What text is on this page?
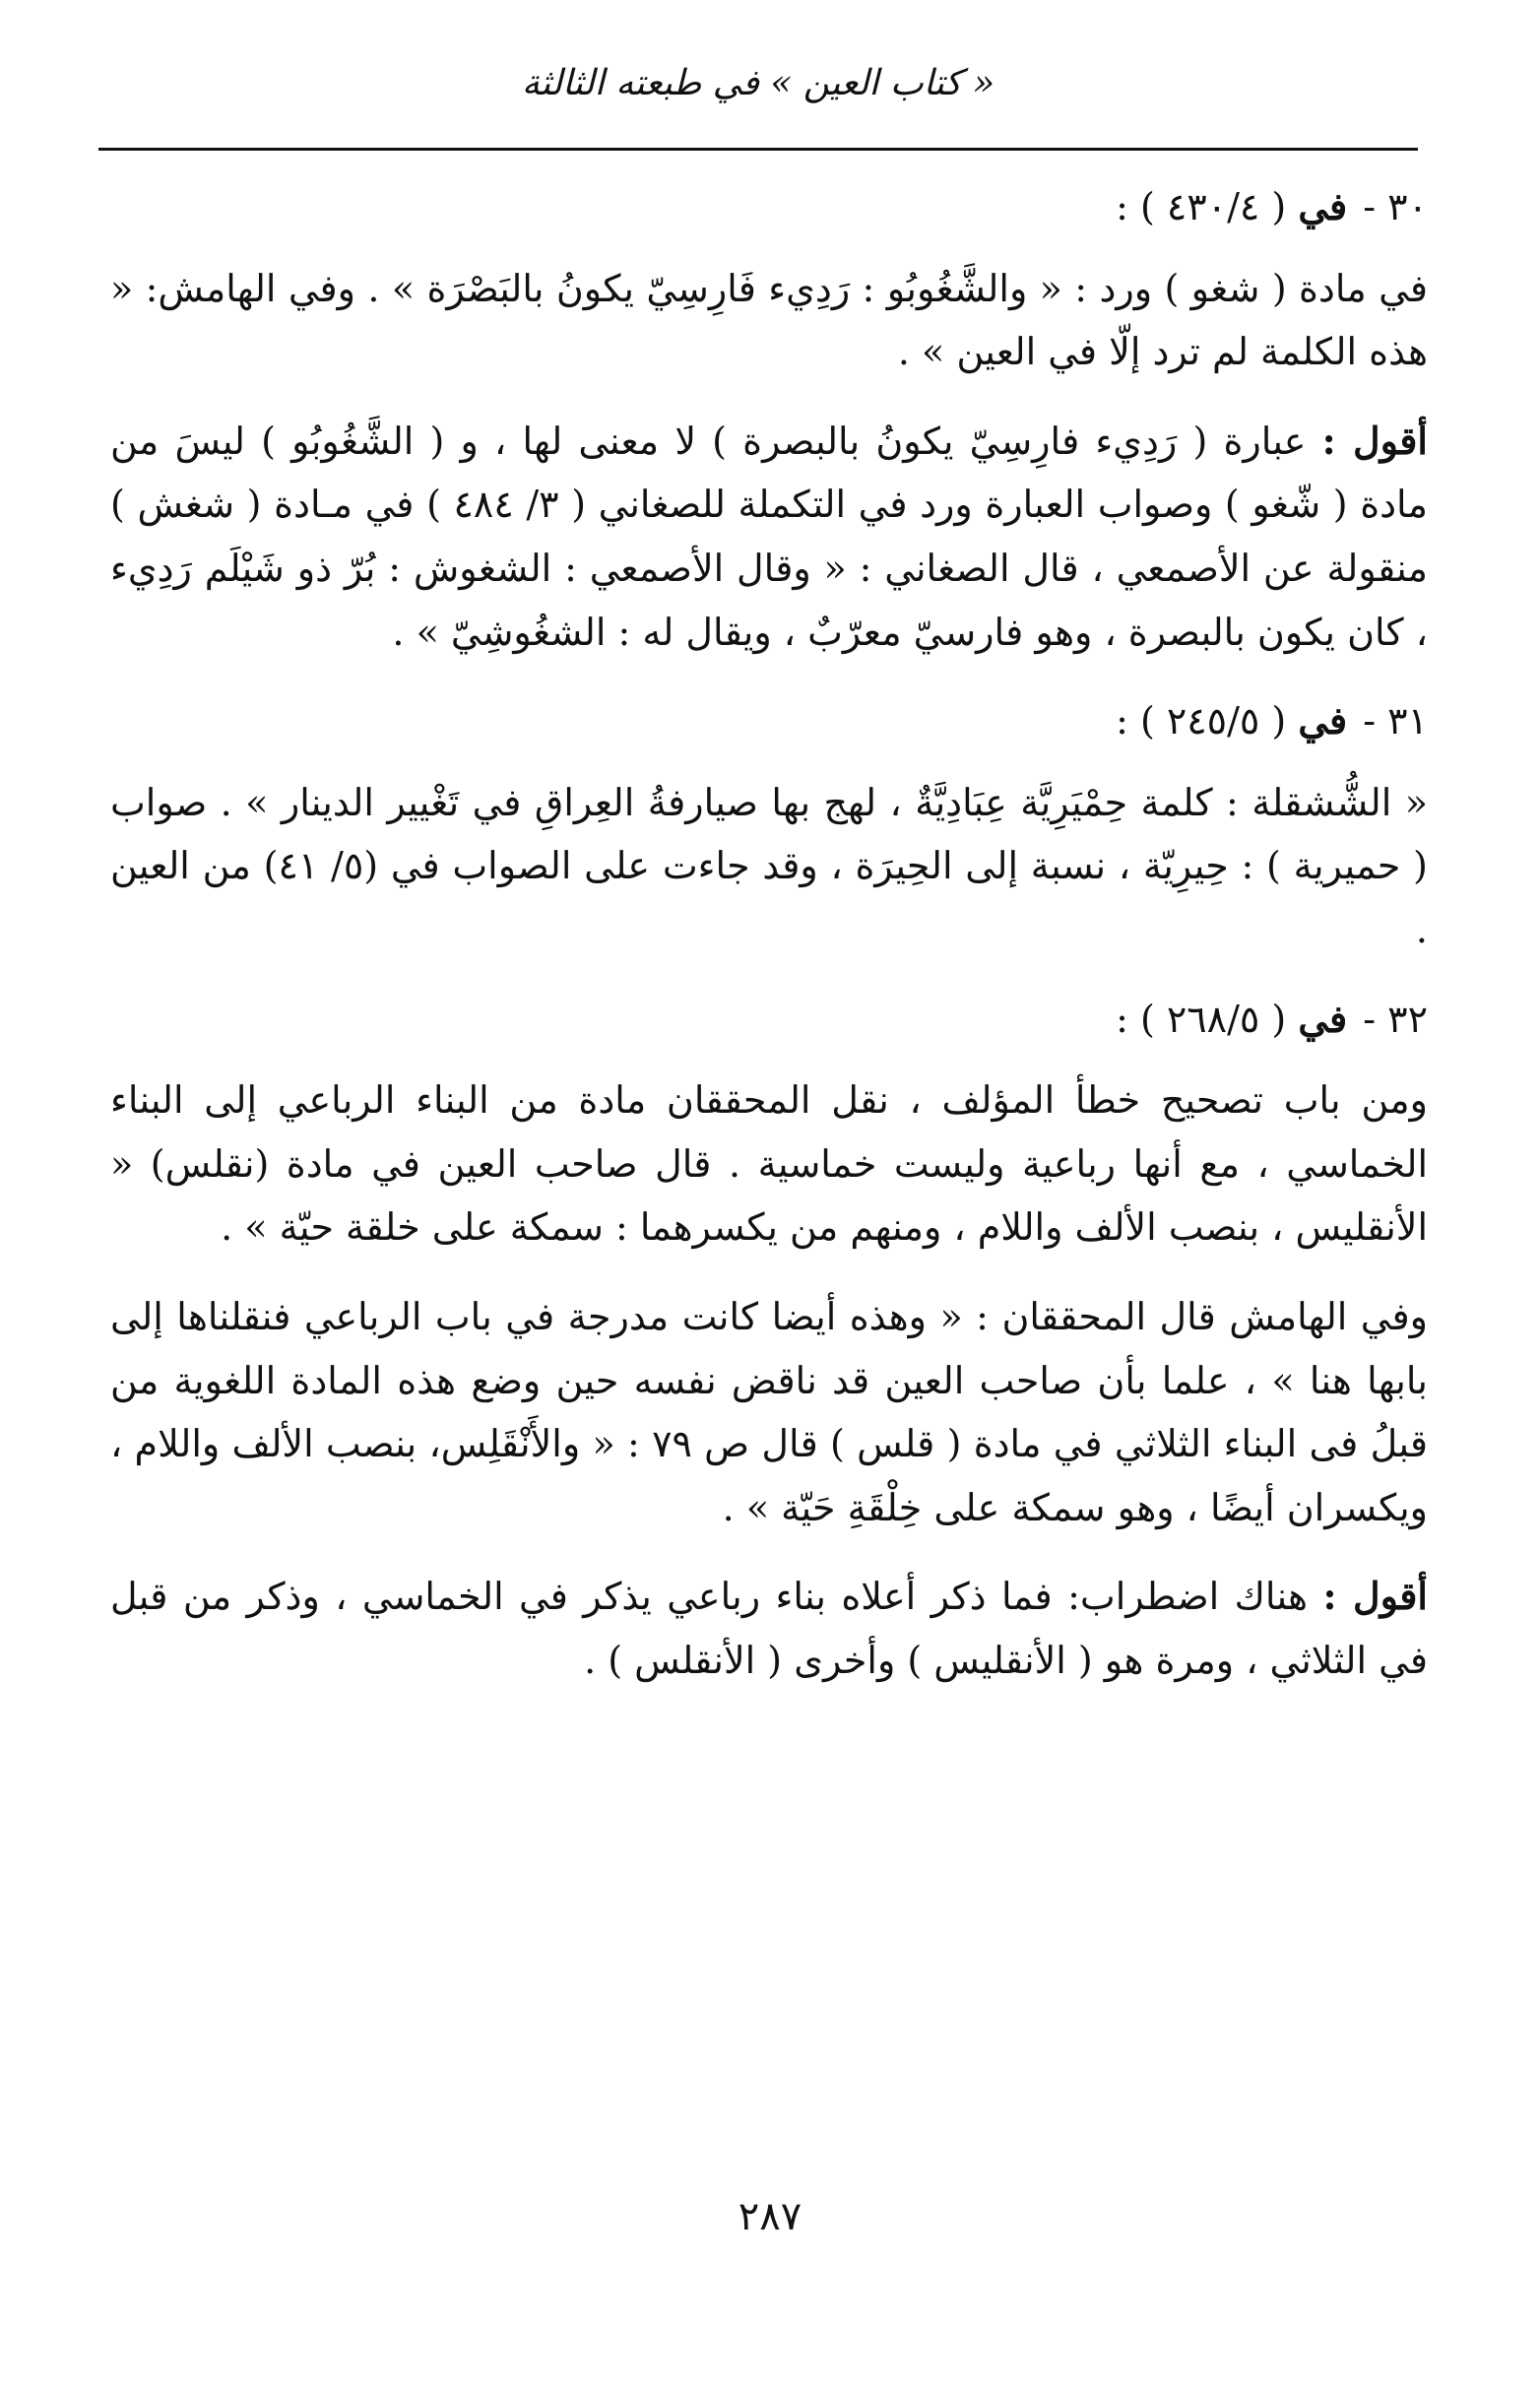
« كتاب العين » في طبعته الثالثة
٣٠ - في ( ٤٣٠/٤ ) :

في مادة ( شغو ) ورد : « والشَّغُوبُو : رَدِيء فَارِسِيّ يكونُ بالبَصْرَة » . وفي الهامش: « هذه الكلمة لم ترد إلّا في العين » .

أقول : عبارة ( رَدِيء فارِسِيّ يكونُ بالبصرة ) لا معنى لها ، و ( الشَّغُوبُو ) ليسَ من مادة ( شّغو ) وصواب العبارة ورد في التكملة للصغاني ( ٣/ ٤٨٤ ) في مـادة ( شغش ) منقولة عن الأصمعي ، قال الصغاني : « وقال الأصمعي : الشغوش : بُرّ ذو شَيْلَم رَدِيء ، كان يكون بالبصرة ، وهو فارسيّ معرّبٌ ، ويقال له : الشغُوشِيّ » .

٣١ - في ( ٢٤٥/٥ ) :

« الشُّشقلة : كلمة حِمْيَرِيَّة عِبَادِيَّةٌ ، لهج بها صيارفةُ العِراقِ في تَغْيير الدينار » . صواب ( حميرية ) : حِيرِيّة ، نسبة إلى الحِيرَة ، وقد جاءت على الصواب في (٥/ ٤١) من العين .

٣٢ - في ( ٢٦٨/٥ ) :

ومن باب تصحيح خطأ المؤلف ، نقل المحققان مادة من البناء الرباعي إلى البناء الخماسي ، مع أنها رباعية وليست خماسية . قال صاحب العين في مادة (نقلس) « الأنقليس ، بنصب الألف واللام ، ومنهم من يكسرهما : سمكة على خلقة حيّة » .

وفي الهامش قال المحققان : « وهذه أيضا كانت مدرجة في باب الرباعي فنقلناها إلى بابها هنا » ، علما بأن صاحب العين قد ناقض نفسه حين وضع هذه المادة اللغوية من قبلُ فى البناء الثلاثي في مادة ( قلس ) قال ص ٧٩ : « والأَنْقَلِس، بنصب الألف واللام ، ويكسران أيضًا ، وهو سمكة على خِلْقَةِ حَيّة » .

أقول : هناك اضطراب: فما ذكر أعلاه بناء رباعي يذكر في الخماسي ، وذكر من قبل في الثلاثي ، ومرة هو ( الأنقليس ) وأخرى ( الأنقلس ) .

٢٨٧
